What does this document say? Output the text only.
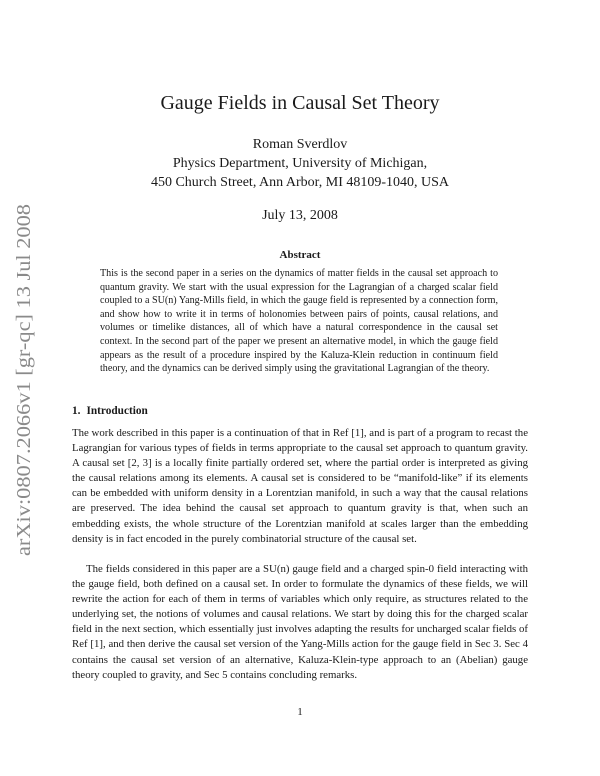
arXiv:0807.2066v1 [gr-qc] 13 Jul 2008
Gauge Fields in Causal Set Theory
Roman Sverdlov
Physics Department, University of Michigan,
450 Church Street, Ann Arbor, MI 48109-1040, USA
July 13, 2008
Abstract
This is the second paper in a series on the dynamics of matter fields in the causal set approach to quantum gravity. We start with the usual expression for the Lagrangian of a charged scalar field coupled to a SU(n) Yang-Mills field, in which the gauge field is represented by a connection form, and show how to write it in terms of holonomies between pairs of points, causal relations, and volumes or timelike distances, all of which have a natural correspondence in the causal set context. In the second part of the paper we present an alternative model, in which the gauge field appears as the result of a procedure inspired by the Kaluza-Klein reduction in continuum field theory, and the dynamics can be derived simply using the gravitational Lagrangian of the theory.
1. Introduction

The work described in this paper is a continuation of that in Ref [1], and is part of a program to recast the Lagrangian for various types of fields in terms appropriate to the causal set approach to quantum gravity. A causal set [2, 3] is a locally finite partially ordered set, where the partial order is interpreted as giving the causal relations among its elements. A causal set is considered to be “manifold-like” if its elements can be embedded with uniform density in a Lorentzian manifold, in such a way that the causal relations are preserved. The idea behind the causal set approach to quantum gravity is that, when such an embedding exists, the whole structure of the Lorentzian manifold at scales larger than the embedding density is in fact encoded in the purely combinatorial structure of the causal set.

The fields considered in this paper are a SU(n) gauge field and a charged spin-0 field interacting with the gauge field, both defined on a causal set. In order to formulate the dynamics of these fields, we will rewrite the action for each of them in terms of variables which only require, as structures related to the underlying set, the notions of volumes and causal relations. We start by doing this for the charged scalar field in the next section, which essentially just involves adapting the results for uncharged scalar fields of Ref [1], and then derive the causal set version of the Yang-Mills action for the gauge field in Sec 3. Sec 4 contains the causal set version of an alternative, Kaluza-Klein-type approach to an (Abelian) gauge theory coupled to gravity, and Sec 5 contains concluding remarks.

1
